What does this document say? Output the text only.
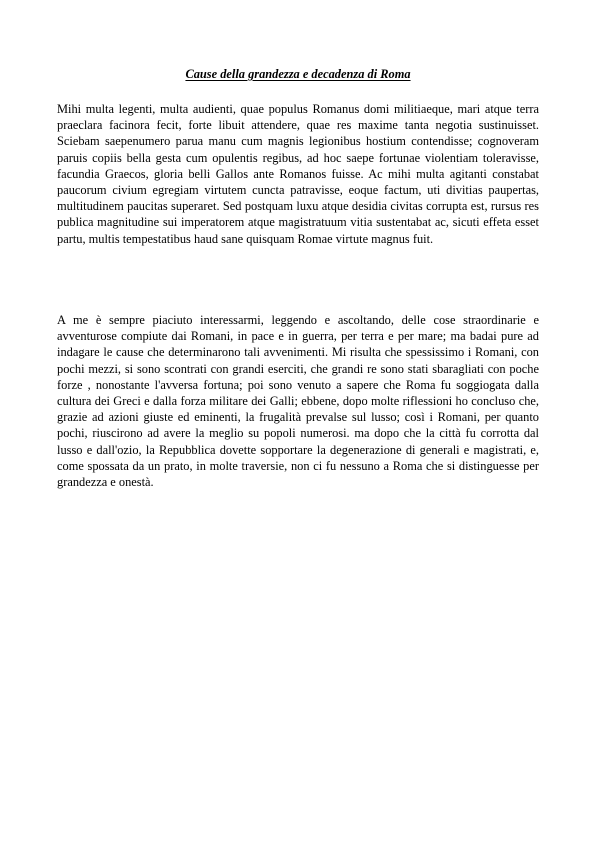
Cause della grandezza e decadenza di Roma

Mihi multa legenti, multa audienti, quae populus Romanus domi militiaeque, mari atque terra praeclara facinora fecit, forte libuit attendere, quae res maxime tanta negotia sustinuisset. Sciebam saepenumero parua manu cum magnis legionibus hostium contendisse; cognoveram paruis copiis bella gesta cum opulentis regibus, ad hoc saepe fortunae violentiam toleravisse, facundia Graecos, gloria belli Gallos ante Romanos fuisse. Ac mihi multa agitanti constabat paucorum civium egregiam virtutem cuncta patravisse, eoque factum, uti divitias paupertas, multitudinem paucitas superaret. Sed postquam luxu atque desidia civitas corrupta est, rursus res publica magnitudine sui imperatorem atque magistratuum vitia sustentabat ac, sicuti effeta esset partu, multis tempestatibus haud sane quisquam Romae virtute magnus fuit.

A me è sempre piaciuto interessarmi, leggendo e ascoltando, delle cose straordinarie e avventurose compiute dai Romani, in pace e in guerra, per terra e per mare; ma badai pure ad indagare le cause che determinarono tali avvenimenti. Mi risulta che spessissimo i Romani, con pochi mezzi, si sono scontrati con grandi eserciti, che grandi re sono stati sbaragliati con poche forze , nonostante l'avversa fortuna; poi sono venuto a sapere che Roma fu soggiogata dalla cultura dei Greci e dalla forza militare dei Galli; ebbene, dopo molte riflessioni ho concluso che, grazie ad azioni giuste ed eminenti, la frugalità prevalse sul lusso; così i Romani, per quanto pochi, riuscirono ad avere la meglio su popoli numerosi. ma dopo che la città fu corrotta dal lusso e dall'ozio, la Repubblica dovette sopportare la degenerazione di generali e magistrati, e, come spossata da un prato, in molte traversie, non ci fu nessuno a Roma che si distinguesse per grandezza e onestà.
